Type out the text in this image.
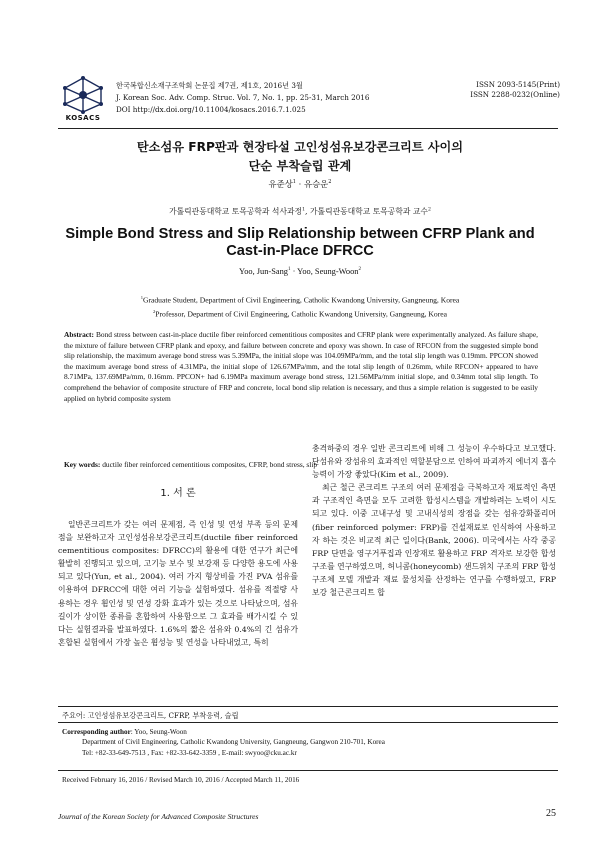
KOSACS
한국복합신소재구조학회 논문집 제7권, 제1호, 2016년 3월
J. Korean Soc. Adv. Comp. Struc. Vol. 7, No. 1, pp. 25-31, March 2016
DOI http://dx.doi.org/10.11004/kosacs.2016.7.1.025
ISSN 2093-5145(Print)
ISSN 2288-0232(Online)
탄소섬유 FRP판과 현장타설 고인성섬유보강콘크리트 사이의
단순 부착슬립 관계
유준상$^1$ · 유승운$^2$
가톨릭관동대학교 토목공학과 석사과정$^1$, 가톨릭관동대학교 토목공학과 교수$^2$
Simple Bond Stress and Slip Relationship between CFRP Plank and
Cast-in-Place DFRCC
Yoo, Jun-Sang$^1$ · Yoo, Seung-Woon$^2$
$^1$Graduate Student, Department of Civil Engineering, Catholic Kwandong University, Gangneung, Korea
$^2$Professor, Department of Civil Engineering, Catholic Kwandong University, Gangneung, Korea
Abstract: Bond stress between cast-in-place ductile fiber reinforced cementitious composites and CFRP plank were experimentally analyzed. As failure shape, the mixture of failure between CFRP plank and epoxy, and failure between concrete and epoxy was shown. In case of RFCON from the suggested simple bond slip relationship, the maximum average bond stress was 5.39MPa, the initial slope was 104.09MPa/mm, and the total slip length was 0.19mm. PPCON showed the maximum average bond stress of 4.31MPa, the initial slope of 126.67MPa/mm, and the total slip length of 0.26mm, while RFCON+ appeared to have 8.71MPa, 137.69MPa/mm, 0.16mm. PPCON+ had 6.19MPa maximum average bond stress, 121.56MPa/mm initial slope, and 0.34mm total slip length. To comprehend the behavior of composite structure of FRP and concrete, local bond slip relation is necessary, and thus a simple relation is suggested to be easily applied on hybrid composite system
Key words: ductile fiber reinforced cementitious composites, CFRP, bond stress, slip
1. 서 론

일반콘크리트가 갖는 여러 문제점, 즉 인성 및 연성 부족 등의 문제점을 보완하고자 고인성섬유보강콘크리트(ductile fiber reinforced cementitious composites: DFRCC)의 활용에 대한 연구가 최근에 활발히 진행되고 있으며, 고기능 보수 및 보강재 등 다양한 용도에 사용되고 있다(Yun, et al., 2004). 여러 가지 형상비를 가진 PVA 섬유를 이용하여 DFRCC에 대한 여러 기능을 실험하였다. 섬유를 적절량 사용하는 경우 휨인성 및 연성 강화 효과가 있는 것으로 나타났으며, 섬유길이가 상이한 종류를 혼합하여 사용함으로 그 효과를 배가시킬 수 있다는 실험결과를 발표하였다. 1.6%의 짧은 섬유와 0.4%의 긴 섬유가 혼합된 실험에서 가장 높은 휨성능 및 연성을 나타내었고, 특히

충격하중의 경우 일반 콘크리트에 비해 그 성능이 우수하다고 보고했다. 단섬유와 장섬유의 효과적인 역할분담으로 인하여 파괴까지 에너지 흡수 능력이 가장 좋았다(Kim et al., 2009).

최근 철근 콘크리트 구조의 여러 문제점을 극복하고자 재료적인 측면과 구조적인 측면을 모두 고려한 합성시스템을 개발하려는 노력이 시도되고 있다. 이중 고내구성 및 고내식성의 장점을 갖는 섬유강화폴리머(fiber reinforced polymer: FRP)를 건설재료로 인식하여 사용하고자 하는 것은 비교적 최근 일이다(Bank, 2006). 미국에서는 사각 중공 FRP 단면을 영구거푸집과 인장재로 활용하고 FRP 격자로 보강한 합성구조를 연구하였으며, 허니콤(honeycomb) 샌드위치 구조의 FRP 합성구조체 모델 개발과 재료 물성치를 산정하는 연구를 수행하였고, FRP 보강 철근콘크리트 합

주요어: 고인성섬유보강콘크리트, CFRP, 부착응력, 슬립
Corresponding author: Yoo, Seung-Woon
Department of Civil Engineering, Catholic Kwandong University, Gangneung, Gangwon 210-701, Korea
Tel: +82-33-649-7513 , Fax: +82-33-642-3359 , E-mail: swyoo@cku.ac.kr
Received February 16, 2016 / Revised March 10, 2016 / Accepted March 11, 2016
Journal of the Korean Society for Advanced Composite Structures	25
